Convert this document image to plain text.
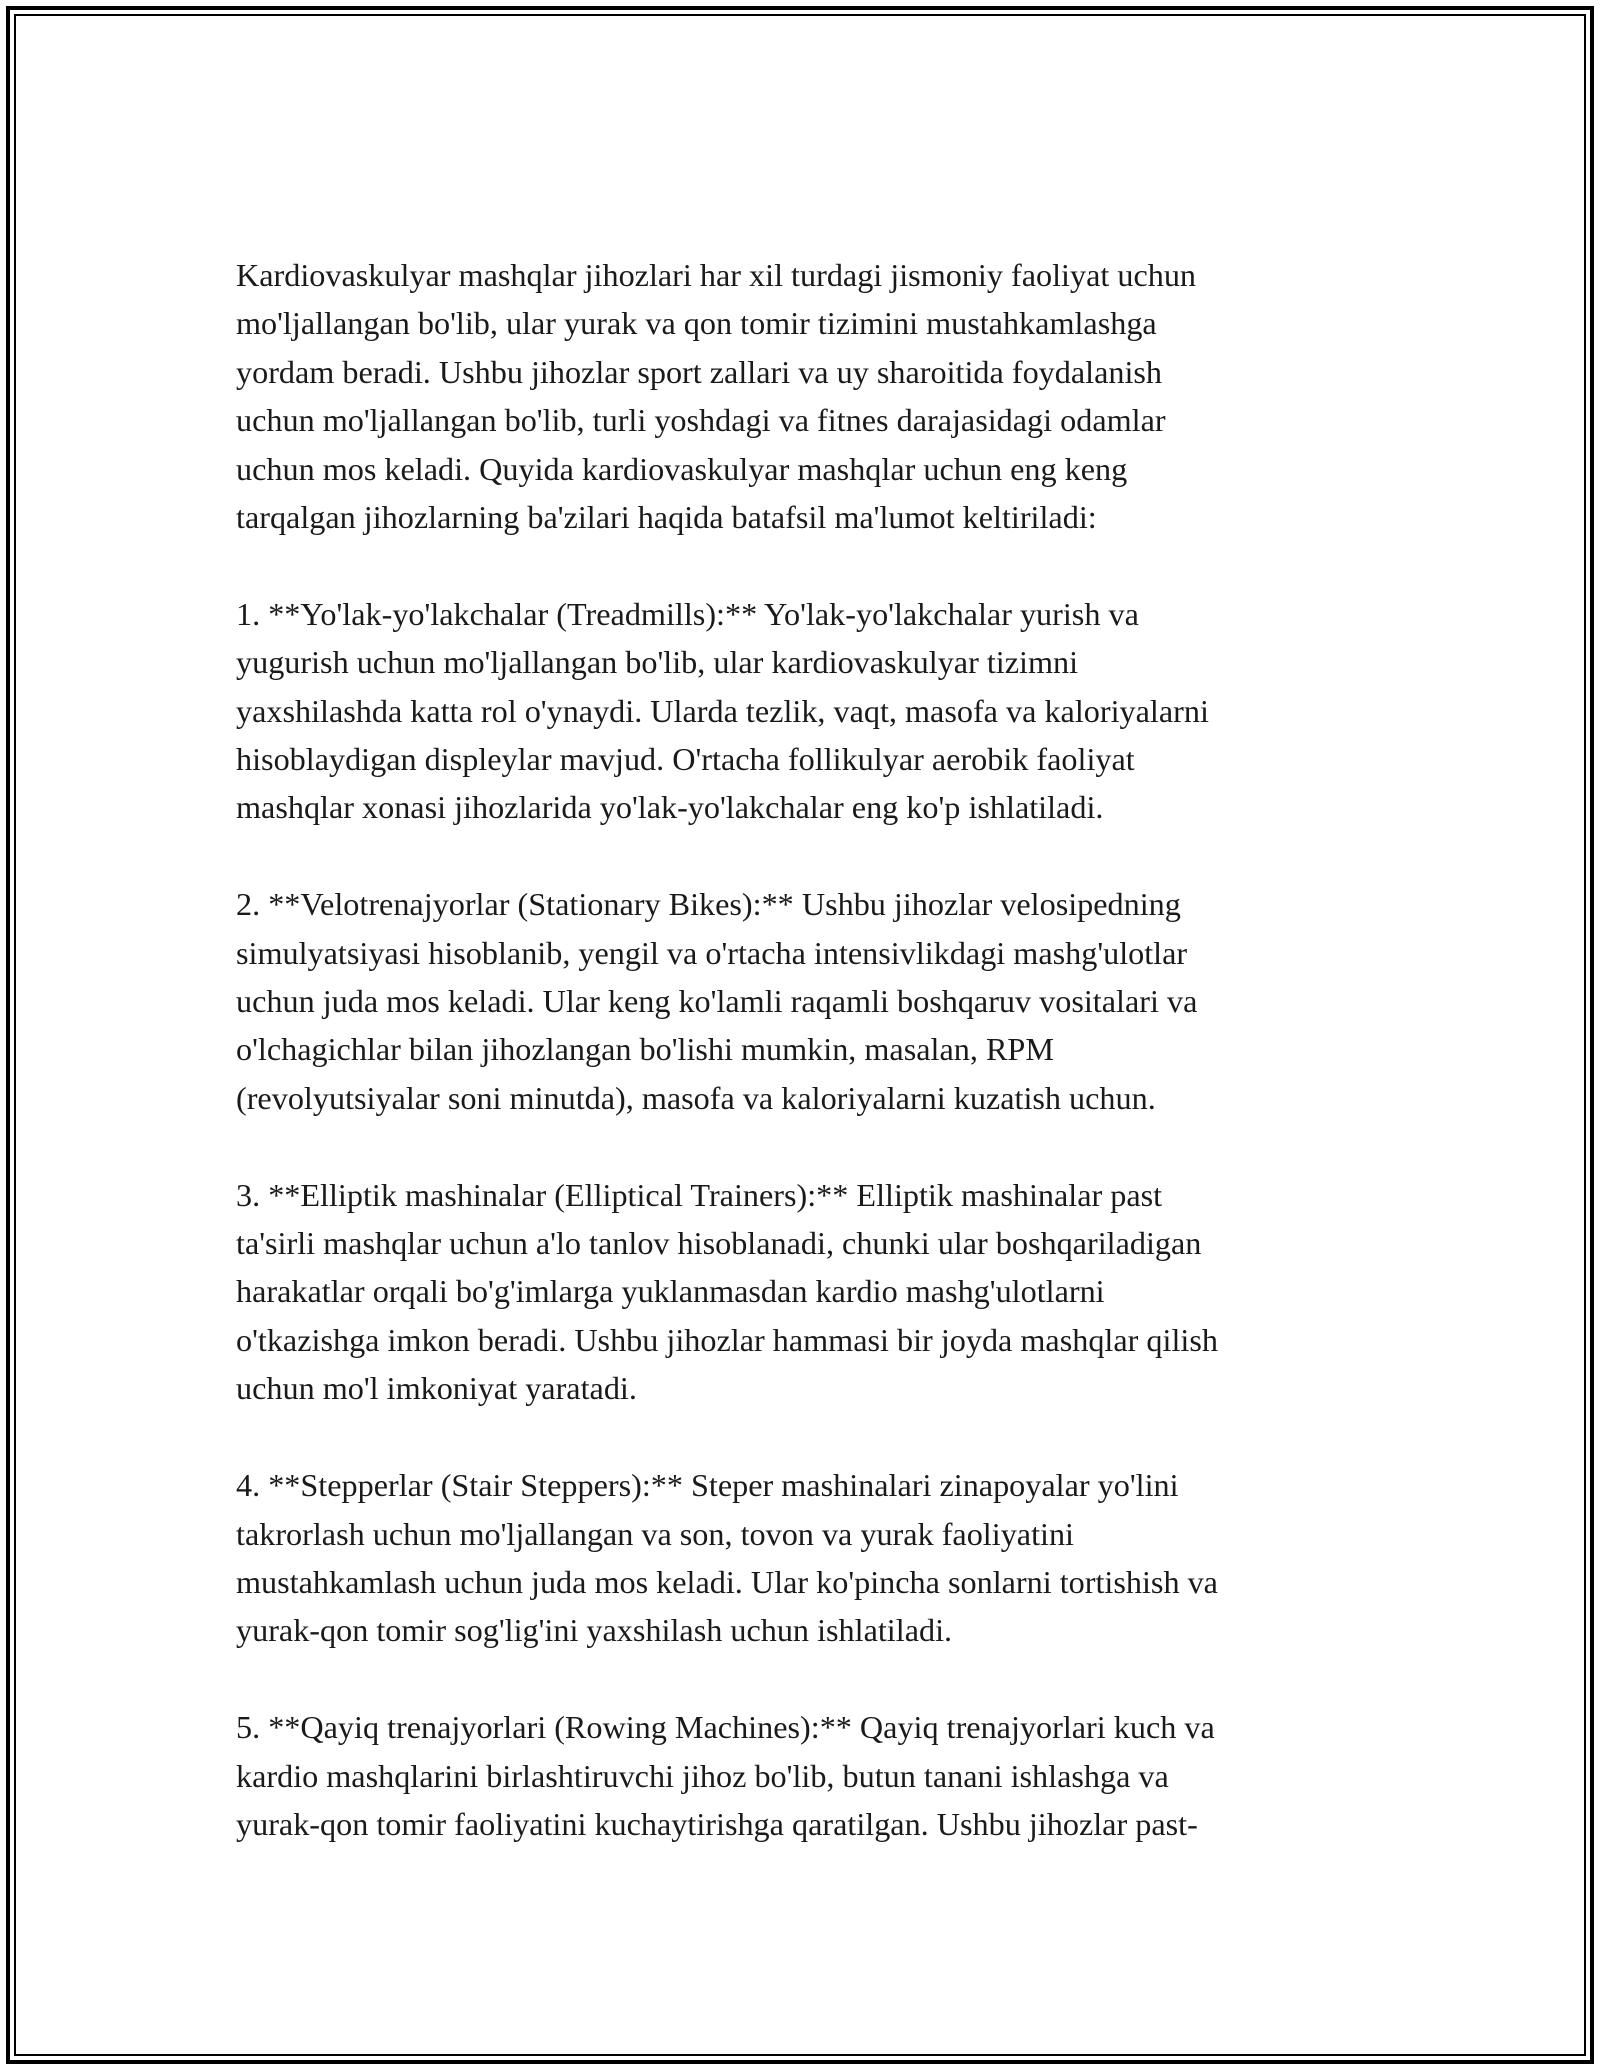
Kardiovaskulyar mashqlar jihozlari har xil turdagi jismoniy faoliyat uchun
mo'ljallangan bo'lib, ular yurak va qon tomir tizimini mustahkamlashga
yordam beradi. Ushbu jihozlar sport zallari va uy sharoitida foydalanish
uchun mo'ljallangan bo'lib, turli yoshdagi va fitnes darajasidagi odamlar
uchun mos keladi. Quyida kardiovaskulyar mashqlar uchun eng keng
tarqalgan jihozlarning ba'zilari haqida batafsil ma'lumot keltiriladi:

1. **Yo'lak-yo'lakchalar (Treadmills):** Yo'lak-yo'lakchalar yurish va
yugurish uchun mo'ljallangan bo'lib, ular kardiovaskulyar tizimni
yaxshilashda katta rol o'ynaydi. Ularda tezlik, vaqt, masofa va kaloriyalarni
hisoblaydigan displeylar mavjud. O'rtacha follikulyar aerobik faoliyat
mashqlar xonasi jihozlarida yo'lak-yo'lakchalar eng ko'p ishlatiladi.

2. **Velotrenajyorlar (Stationary Bikes):** Ushbu jihozlar velosipedning
simulyatsiyasi hisoblanib, yengil va o'rtacha intensivlikdagi mashg'ulotlar
uchun juda mos keladi. Ular keng ko'lamli raqamli boshqaruv vositalari va
o'lchagichlar bilan jihozlangan bo'lishi mumkin, masalan, RPM
(revolyutsiyalar soni minutda), masofa va kaloriyalarni kuzatish uchun.

3. **Elliptik mashinalar (Elliptical Trainers):** Elliptik mashinalar past
ta'sirli mashqlar uchun a'lo tanlov hisoblanadi, chunki ular boshqariladigan
harakatlar orqali bo'g'imlarga yuklanmasdan kardio mashg'ulotlarni
o'tkazishga imkon beradi. Ushbu jihozlar hammasi bir joyda mashqlar qilish
uchun mo'l imkoniyat yaratadi.

4. **Stepperlar (Stair Steppers):** Steper mashinalari zinapoyalar yo'lini
takrorlash uchun mo'ljallangan va son, tovon va yurak faoliyatini
mustahkamlash uchun juda mos keladi. Ular ko'pincha sonlarni tortishish va
yurak-qon tomir sog'lig'ini yaxshilash uchun ishlatiladi.

5. **Qayiq trenajyorlari (Rowing Machines):** Qayiq trenajyorlari kuch va
kardio mashqlarini birlashtiruvchi jihoz bo'lib, butun tanani ishlashga va
yurak-qon tomir faoliyatini kuchaytirishga qaratilgan. Ushbu jihozlar past-
